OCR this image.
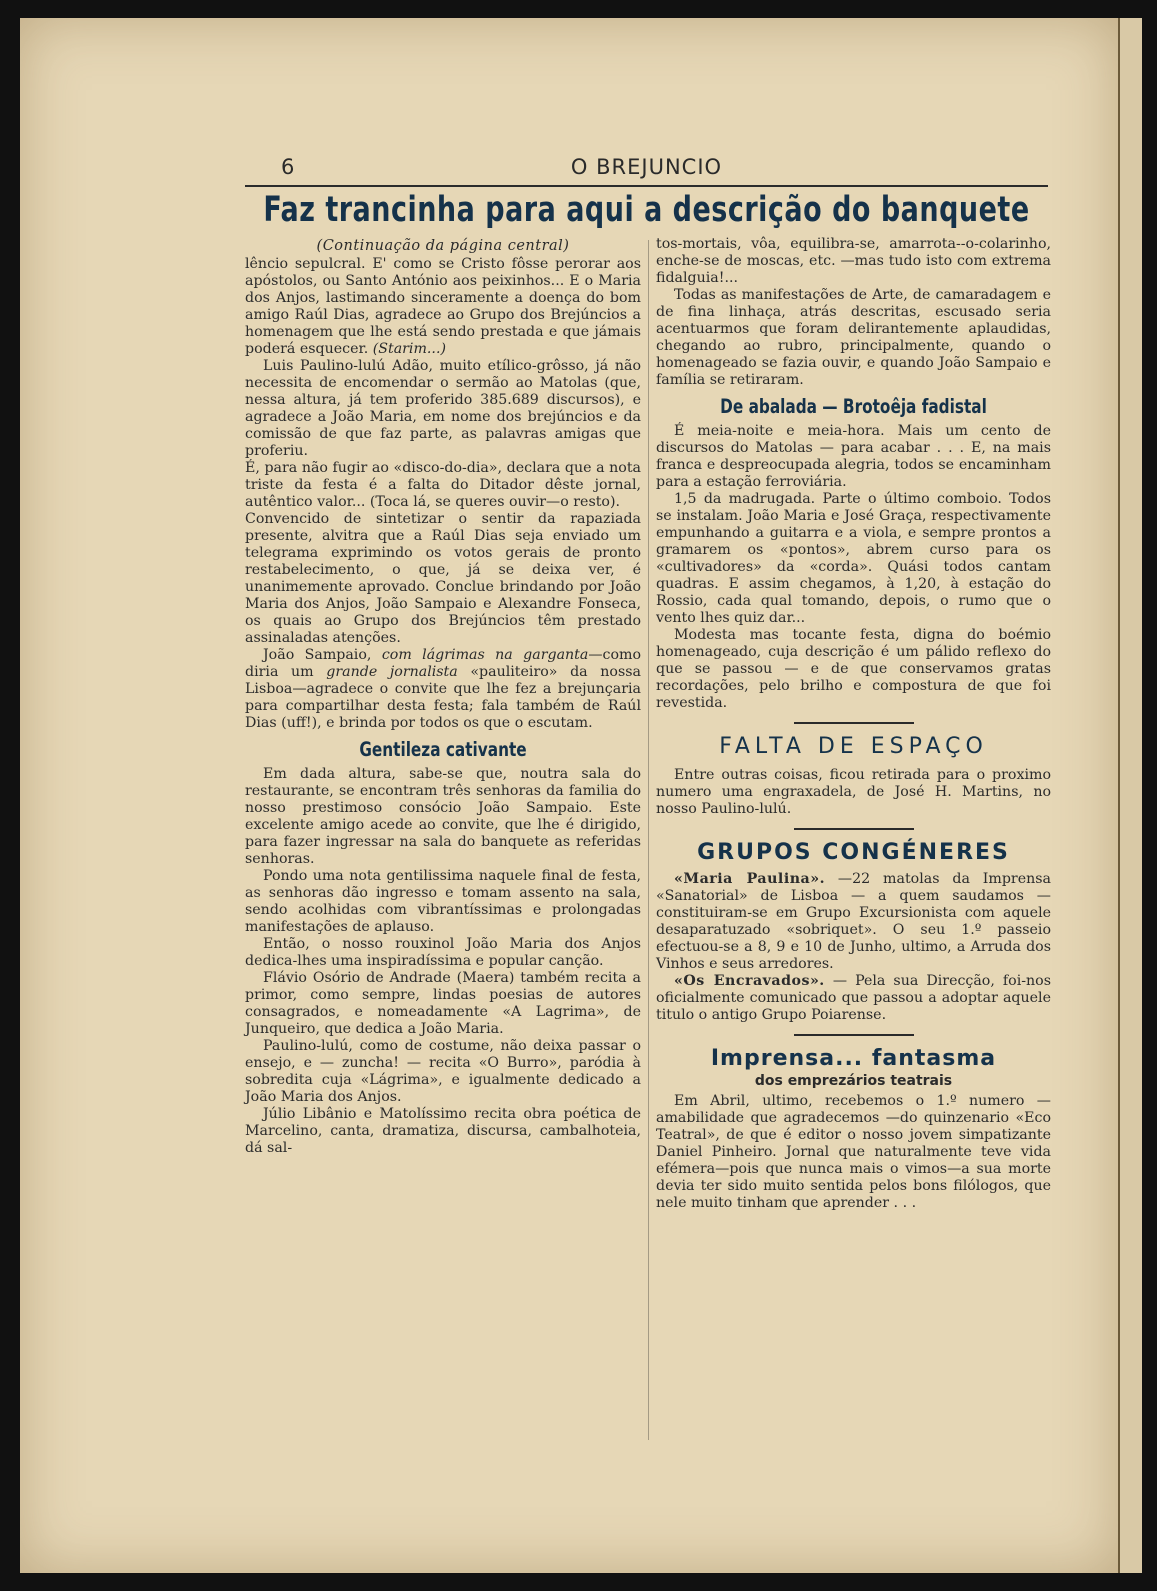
6	O BREJUNCIO
Faz trancinha para aqui a descrição do banquete
(Continuação da página central)

lêncio sepulcral. E' como se Cristo fôsse perorar aos apóstolos, ou Santo António aos peixinhos... E o Maria dos Anjos, lastimando sinceramente a doença do bom amigo Raúl Dias, agradece ao Grupo dos Brejúncios a homenagem que lhe está sendo prestada e que jámais poderá esquecer. (Starim...)

Luis Paulino-lulú Adão, muito etílico-grôsso, já não necessita de encomendar o sermão ao Matolas (que, nessa altura, já tem proferido 385.689 discursos), e agradece a João Maria, em nome dos brejúncios e da comissão de que faz parte, as palavras amigas que proferiu.

É, para não fugir ao «disco-do-dia», declara que a nota triste da festa é a falta do Ditador dêste jornal, autêntico valor... (Toca lá, se queres ouvir—o resto).

Convencido de sintetizar o sentir da rapaziada presente, alvitra que a Raúl Dias seja enviado um telegrama exprimindo os votos gerais de pronto restabelecimento, o que, já se deixa ver, é unanimemente aprovado. Conclue brindando por João Maria dos Anjos, João Sampaio e Alexandre Fonseca, os quais ao Grupo dos Brejúncios têm prestado assinaladas atenções.

João Sampaio, com lágrimas na garganta—como diria um grande jornalista «pauliteiro» da nossa Lisboa—agradece o convite que lhe fez a brejunçaria para compartilhar desta festa; fala também de Raúl Dias (uff!), e brinda por todos os que o escutam.

Gentileza cativante

Em dada altura, sabe-se que, noutra sala do restaurante, se encontram três senhoras da familia do nosso prestimoso consócio João Sampaio. Este excelente amigo acede ao convite, que lhe é dirigido, para fazer ingressar na sala do banquete as referidas senhoras.

Pondo uma nota gentilissima naquele final de festa, as senhoras dão ingresso e tomam assento na sala, sendo acolhidas com vibrantíssimas e prolongadas manifestações de aplauso.

Então, o nosso rouxinol João Maria dos Anjos dedica-lhes uma inspiradíssima e popular canção.

Flávio Osório de Andrade (Maera) também recita a primor, como sempre, lindas poesias de autores consagrados, e nomeadamente «A Lagrima», de Junqueiro, que dedica a João Maria.

Paulino-lulú, como de costume, não deixa passar o ensejo, e — zuncha! — recita «O Burro», paródia à sobredita cuja «Lágrima», e igualmente dedicado a João Maria dos Anjos.

Júlio Libânio e Matolíssimo recita obra poética de Marcelino, canta, dramatiza, discursa, cambalhoteia, dá sal-

tos-mortais, vôa, equilibra-se, amarrota--o-colarinho, enche-se de moscas, etc. —mas tudo isto com extrema fidalguia!...

Todas as manifestações de Arte, de camaradagem e de fina linhaça, atrás descritas, escusado seria acentuarmos que foram delirantemente aplaudidas, chegando ao rubro, principalmente, quando o homenageado se fazia ouvir, e quando João Sampaio e família se retiraram.

De abalada — Brotoêja fadistal

É meia-noite e meia-hora. Mais um cento de discursos do Matolas — para acabar . . . E, na mais franca e despreocupada alegria, todos se encaminham para a estação ferroviária.

1,5 da madrugada. Parte o último comboio. Todos se instalam. João Maria e José Graça, respectivamente empunhando a guitarra e a viola, e sempre prontos a gramarem os «pontos», abrem curso para os «cultivadores» da «corda». Quási todos cantam quadras. E assim chegamos, à 1,20, à estação do Rossio, cada qual tomando, depois, o rumo que o vento lhes quiz dar...

Modesta mas tocante festa, digna do boémio homenageado, cuja descrição é um pálido reflexo do que se passou — e de que conservamos gratas recordações, pelo brilho e compostura de que foi revestida.

FALTA DE ESPAÇO

Entre outras coisas, ficou retirada para o proximo numero uma engraxadela, de José H. Martins, no nosso Paulino-lulú.

GRUPOS CONGÉNERES

«Maria Paulina». —22 matolas da Imprensa «Sanatorial» de Lisboa — a quem saudamos — constituiram-se em Grupo Excursionista com aquele desaparatuzado «sobriquet». O seu 1.º passeio efectuou-se a 8, 9 e 10 de Junho, ultimo, a Arruda dos Vinhos e seus arredores.

«Os Encravados». — Pela sua Direcção, foi-nos oficialmente comunicado que passou a adoptar aquele titulo o antigo Grupo Poiarense.

Imprensa... fantasma
dos emprezários teatrais

Em Abril, ultimo, recebemos o 1.º numero — amabilidade que agradecemos —do quinzenario «Eco Teatral», de que é editor o nosso jovem simpatizante Daniel Pinheiro. Jornal que naturalmente teve vida efémera—pois que nunca mais o vimos—a sua morte devia ter sido muito sentida pelos bons filólogos, que nele muito tinham que aprender . . .
